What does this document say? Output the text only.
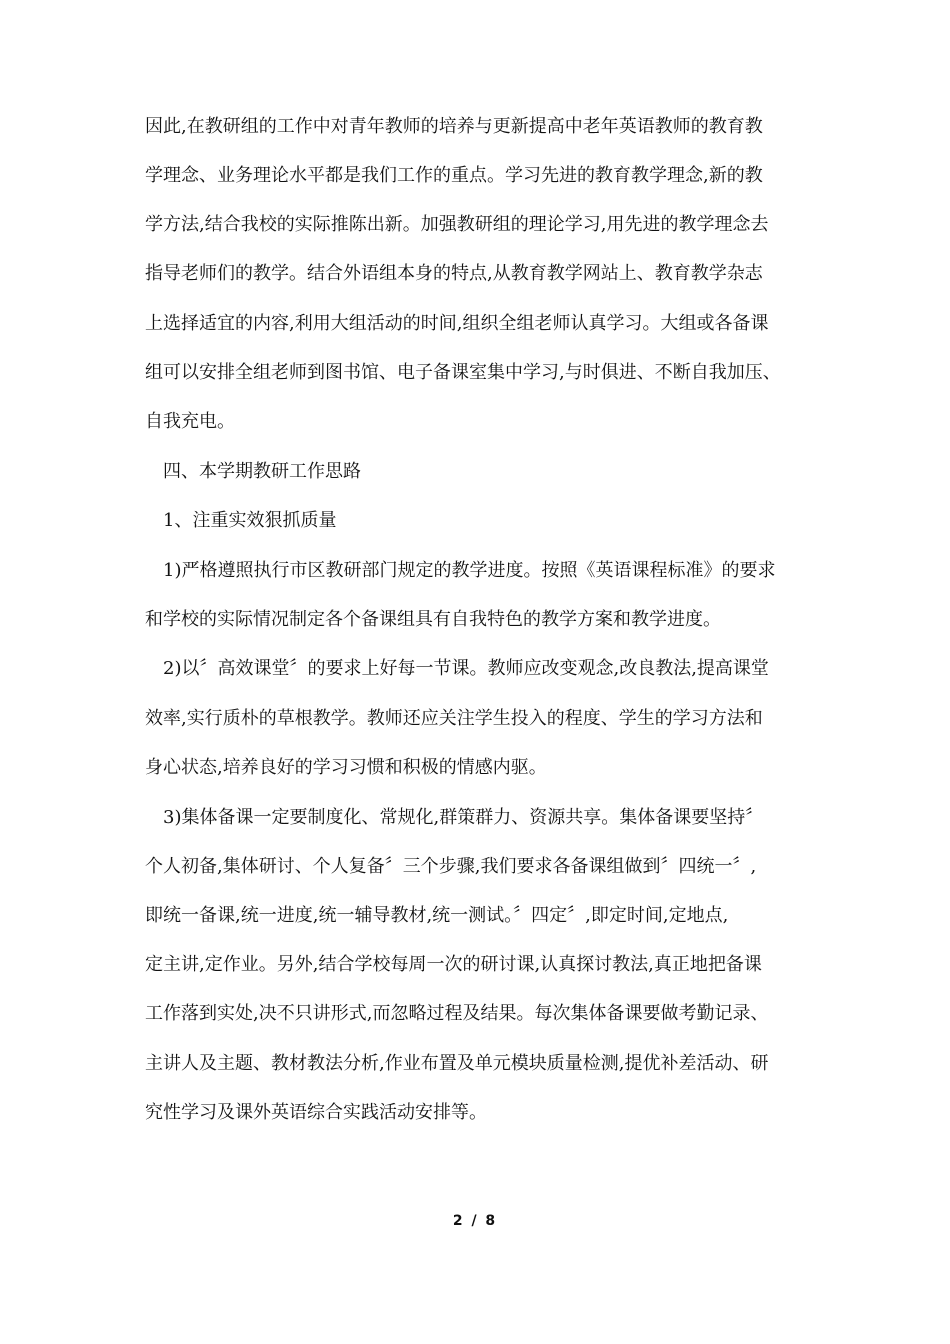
因此,在教研组的工作中对青年教师的培养与更新提高中老年英语教师的教育教
学理念、业务理论水平都是我们工作的重点。学习先进的教育教学理念,新的教
学方法,结合我校的实际推陈出新。加强教研组的理论学习,用先进的教学理念去
指导老师们的教学。结合外语组本身的特点,从教育教学网站上、教育教学杂志
上选择适宜的内容,利用大组活动的时间,组织全组老师认真学习。大组或各备课
组可以安排全组老师到图书馆、电子备课室集中学习,与时俱进、不断自我加压、
自我充电。
四、本学期教研工作思路
1、注重实效狠抓质量
1)严格遵照执行市区教研部门规定的教学进度。按照《英语课程标准》的要求
和学校的实际情况制定各个备课组具有自我特色的教学方案和教学进度。
2)以〞高效课堂〞的要求上好每一节课。教师应改变观念,改良教法,提高课堂
效率,实行质朴的草根教学。教师还应关注学生投入的程度、学生的学习方法和
身心状态,培养良好的学习习惯和积极的情感内驱。
3)集体备课一定要制度化、常规化,群策群力、资源共享。集体备课要坚持〞
个人初备,集体研讨、个人复备〞三个步骤,我们要求各备课组做到〞四统一〞,
即统一备课,统一进度,统一辅导教材,统一测试。〞四定〞,即定时间,定地点,
定主讲,定作业。另外,结合学校每周一次的研讨课,认真探讨教法,真正地把备课
工作落到实处,决不只讲形式,而忽略过程及结果。每次集体备课要做考勤记录、
主讲人及主题、教材教法分析,作业布置及单元模块质量检测,提优补差活动、研
究性学习及课外英语综合实践活动安排等。
2 / 8
